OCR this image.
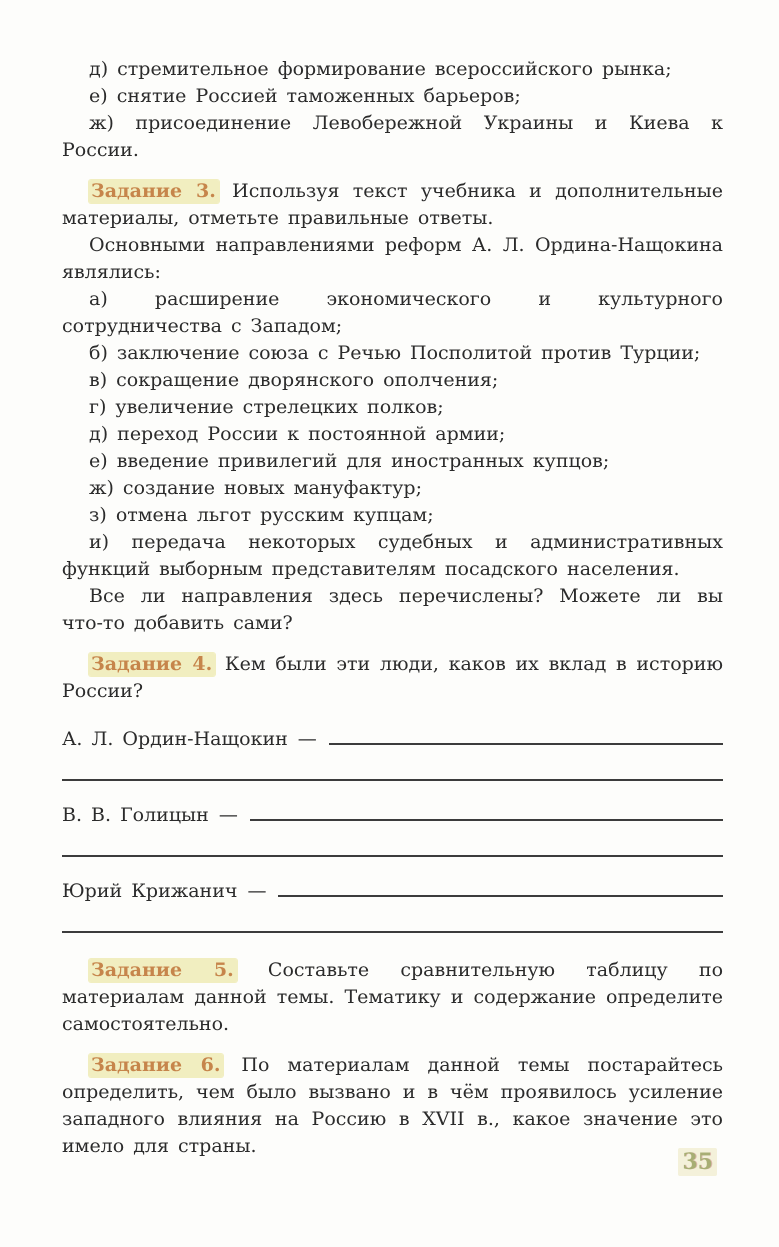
д) стремительное формирование всероссийского рынка;

е) снятие Россией таможенных барьеров;

ж) присоединение Левобережной Украины и Киева к России.

Задание 3. Используя текст учебника и дополнительные материалы, отметьте правильные ответы.

Основными направлениями реформ А. Л. Ордина-Нащокина являлись:

а) расширение экономического и культурного сотрудничества с Западом;

б) заключение союза с Речью Посполитой против Турции;

в) сокращение дворянского ополчения;

г) увеличение стрелецких полков;

д) переход России к постоянной армии;

е) введение привилегий для иностранных купцов;

ж) создание новых мануфактур;

з) отмена льгот русским купцам;

и) передача некоторых судебных и административных функций выборным представителям посадского населения.

Все ли направления здесь перечислены? Можете ли вы что-то добавить сами?

Задание 4. Кем были эти люди, каков их вклад в историю России?

А. Л. Ордин-Нащокин —
В. В. Голицын —
Юрий Крижанич —

Задание 5. Составьте сравнительную таблицу по материалам данной темы. Тематику и содержание определите самостоятельно.

Задание 6. По материалам данной темы постарайтесь определить, чем было вызвано и в чём проявилось усиление западного влияния на Россию в XVII в., какое значение это имело для страны.

35
